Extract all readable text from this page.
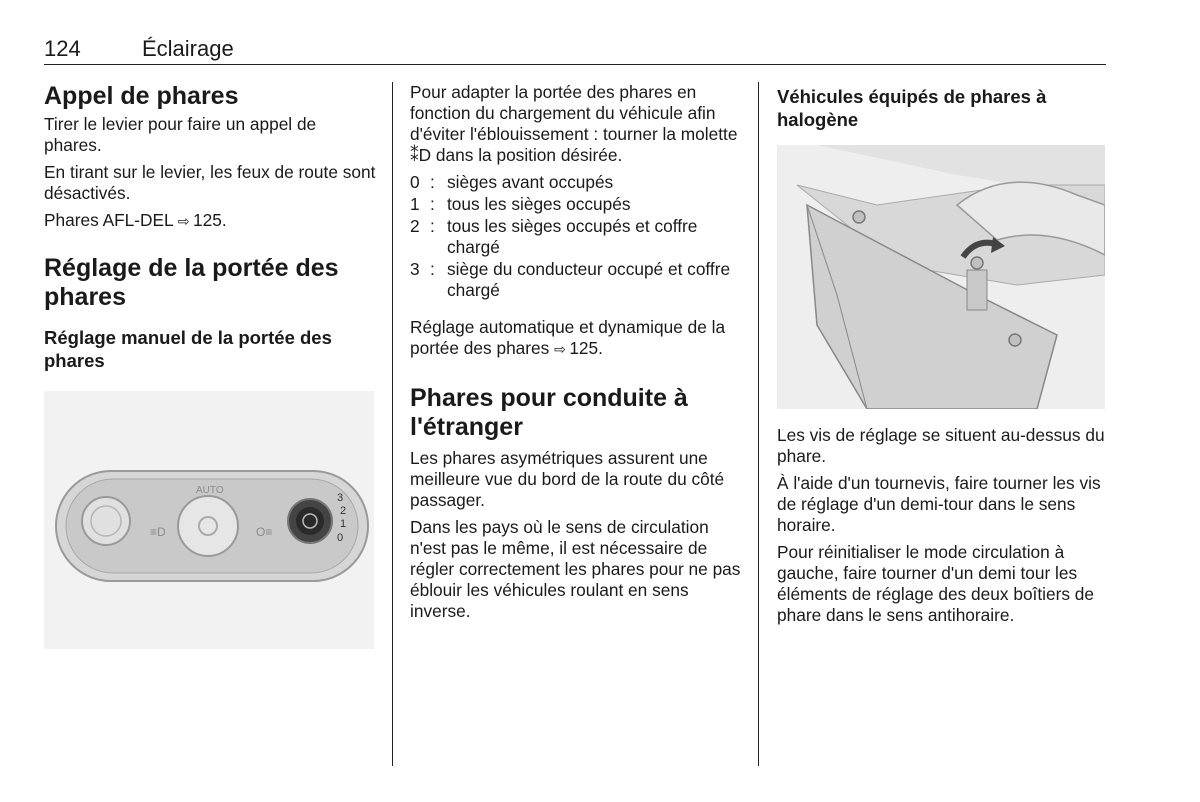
124	Éclairage
Appel de phares

Tirer le levier pour faire un appel de phares.

En tirant sur le levier, les feux de route sont désactivés.

Phares AFL-DEL ⇨  125.

Réglage de la portée des phares
Réglage manuel de la portée des phares
AUTO
≡D	O≡
3
2
1
0

Pour adapter la portée des phares en fonction du chargement du véhicule afin d'éviter l'éblouissement : tourner la molette ⁑D dans la position désirée.

0 : sièges avant occupés
1 : tous les sièges occupés
2 : tous les sièges occupés et coffre chargé
3 : siège du conducteur occupé et coffre chargé

Réglage automatique et dynamique de la portée des phares ⇨  125.

Phares pour conduite à l'étranger

Les phares asymétriques assurent une meilleure vue du bord de la route du côté passager.

Dans les pays où le sens de circulation n'est pas le même, il est nécessaire de régler correctement les phares pour ne pas éblouir les véhicules roulant en sens inverse.

Véhicules équipés de phares à halogène

Les vis de réglage se situent au-dessus du phare.

À l'aide d'un tournevis, faire tourner les vis de réglage d'un demi-tour dans le sens horaire.

Pour réinitialiser le mode circulation à gauche, faire tourner d'un demi tour les éléments de réglage des deux boîtiers de phare dans le sens antihoraire.
